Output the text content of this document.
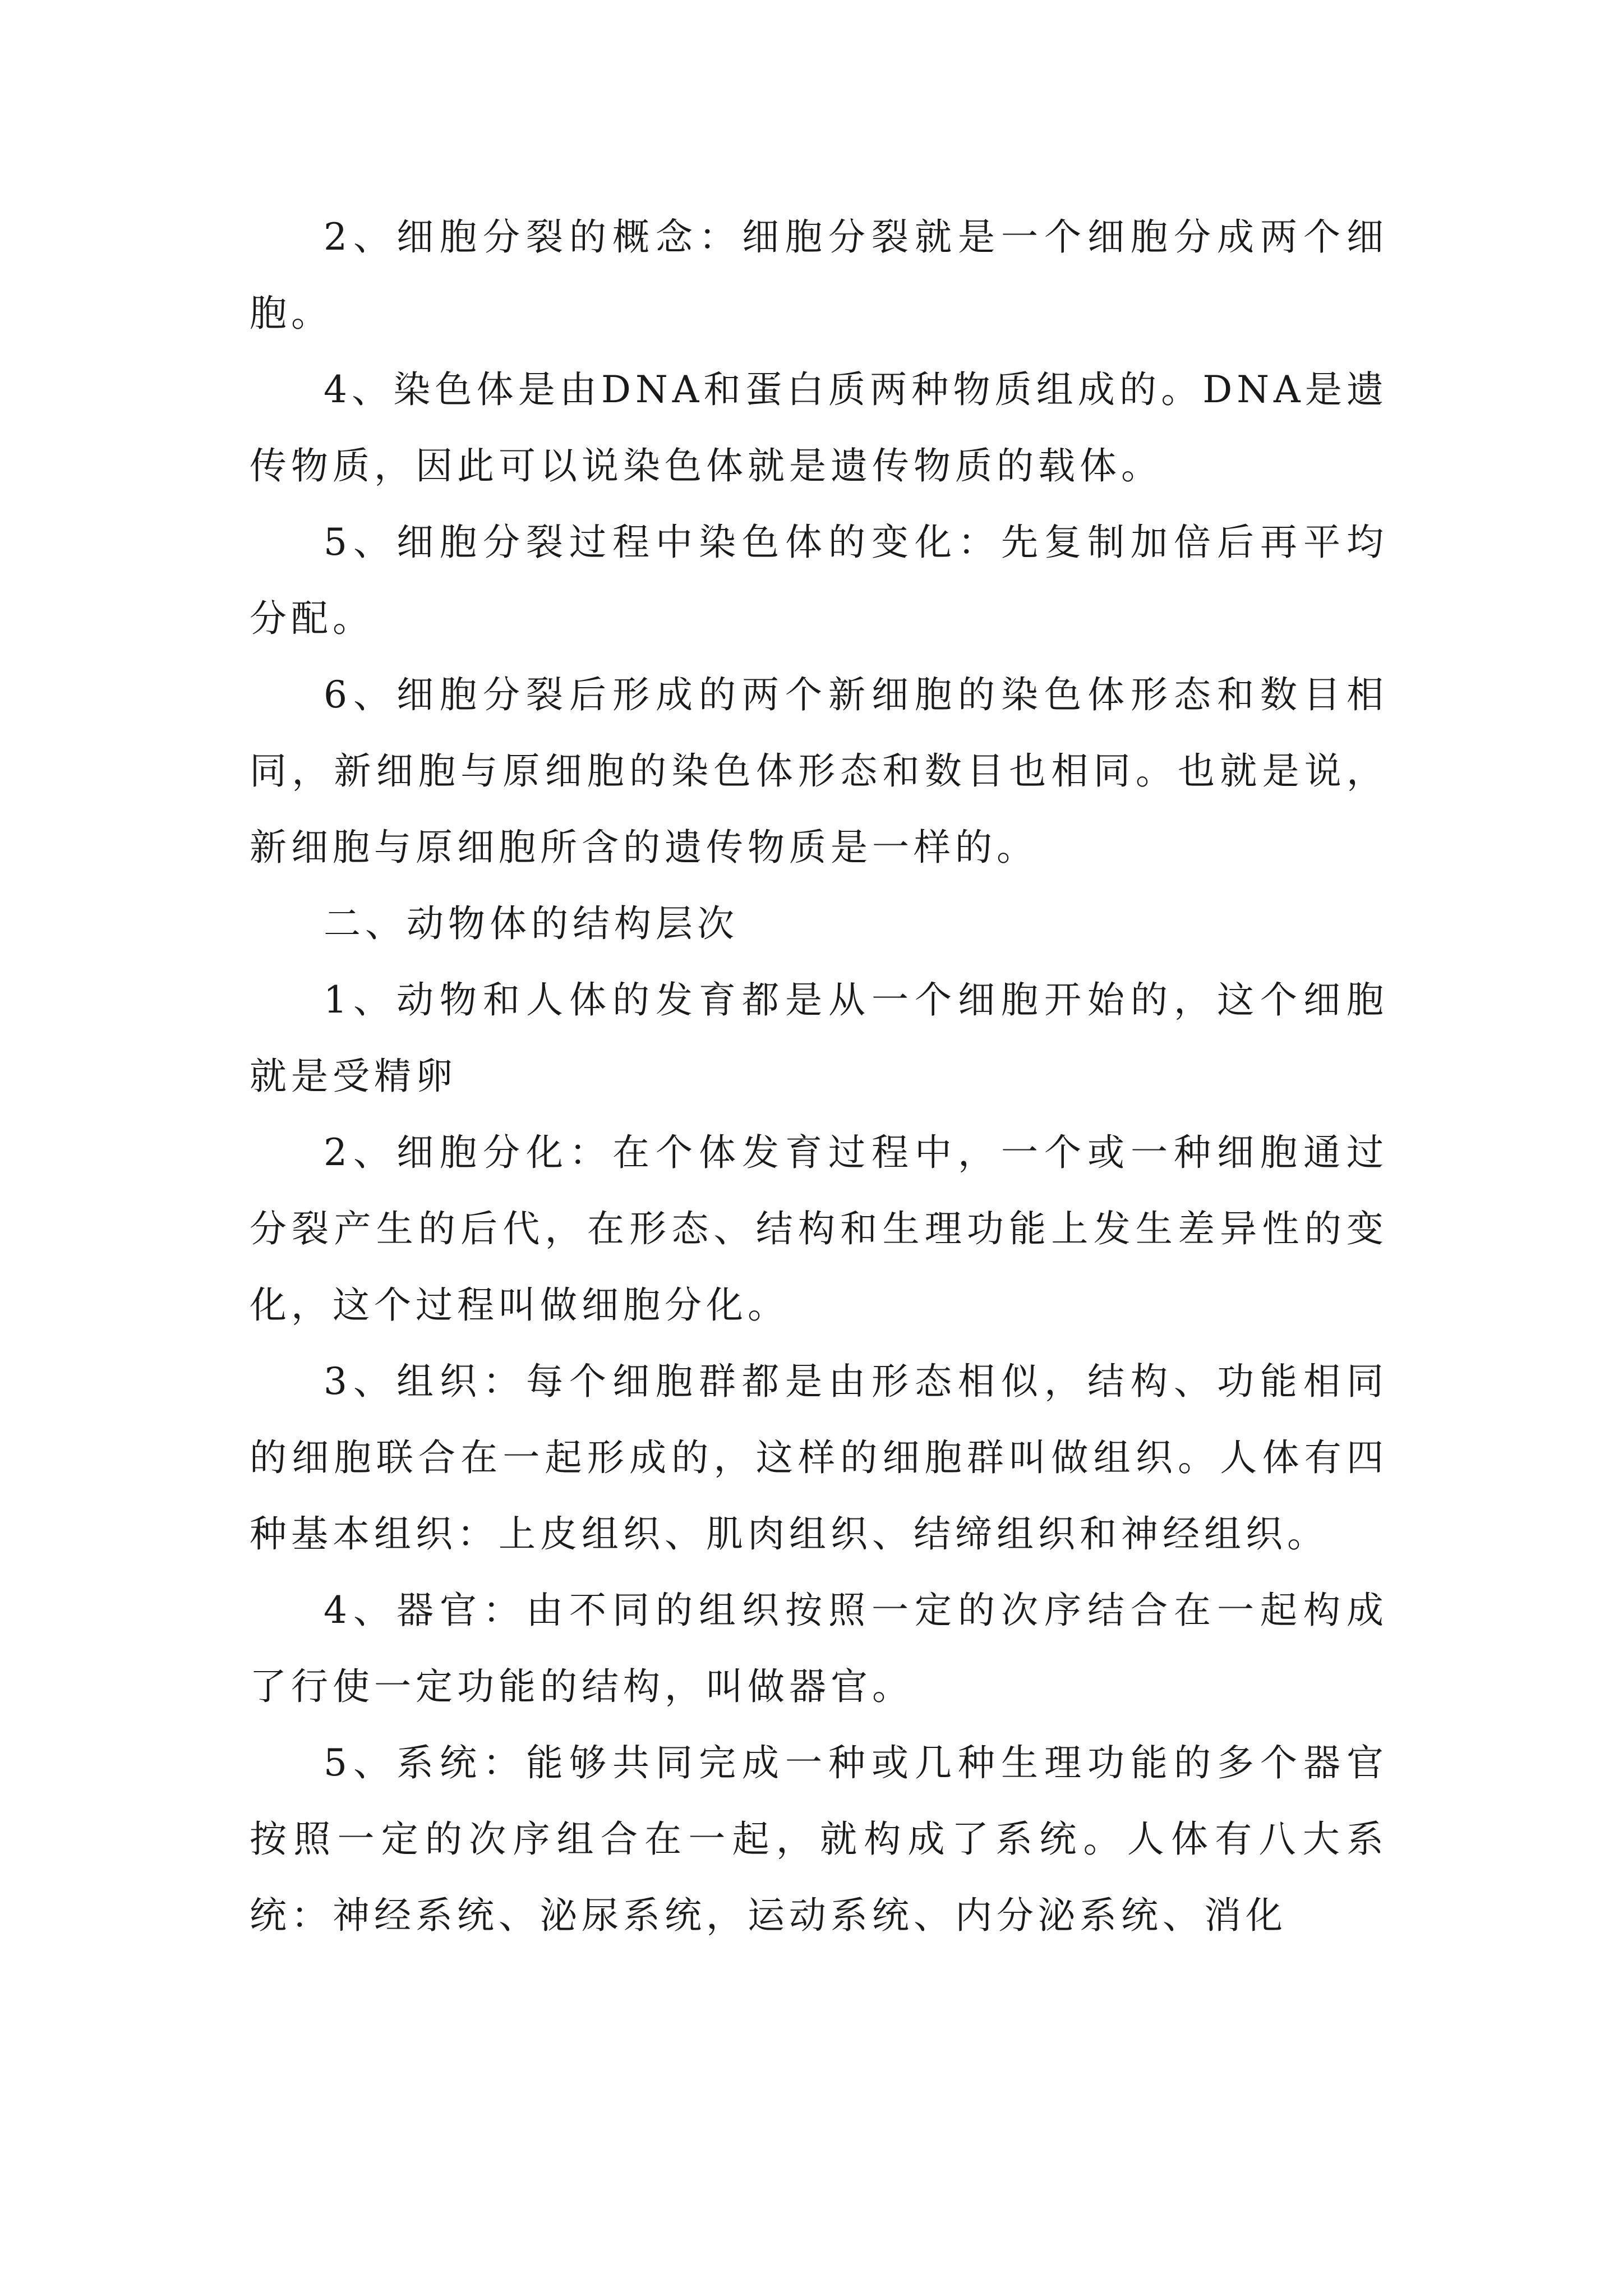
2、细胞分裂的概念：细胞分裂就是一个细胞分成两个细胞。

4、染色体是由DNA和蛋白质两种物质组成的。DNA是遗传物质，因此可以说染色体就是遗传物质的载体。

5、细胞分裂过程中染色体的变化：先复制加倍后再平均分配。

6、细胞分裂后形成的两个新细胞的染色体形态和数目相同，新细胞与原细胞的染色体形态和数目也相同。也就是说，新细胞与原细胞所含的遗传物质是一样的。

二、动物体的结构层次

1、动物和人体的发育都是从一个细胞开始的，这个细胞就是受精卵

2、细胞分化：在个体发育过程中，一个或一种细胞通过分裂产生的后代，在形态、结构和生理功能上发生差异性的变化，这个过程叫做细胞分化。

3、组织：每个细胞群都是由形态相似，结构、功能相同的细胞联合在一起形成的，这样的细胞群叫做组织。人体有四种基本组织：上皮组织、肌肉组织、结缔组织和神经组织。

4、器官：由不同的组织按照一定的次序结合在一起构成了行使一定功能的结构，叫做器官。

5、系统：能够共同完成一种或几种生理功能的多个器官按照一定的次序组合在一起，就构成了系统。人体有八大系统：神经系统、泌尿系统，运动系统、内分泌系统、消化
